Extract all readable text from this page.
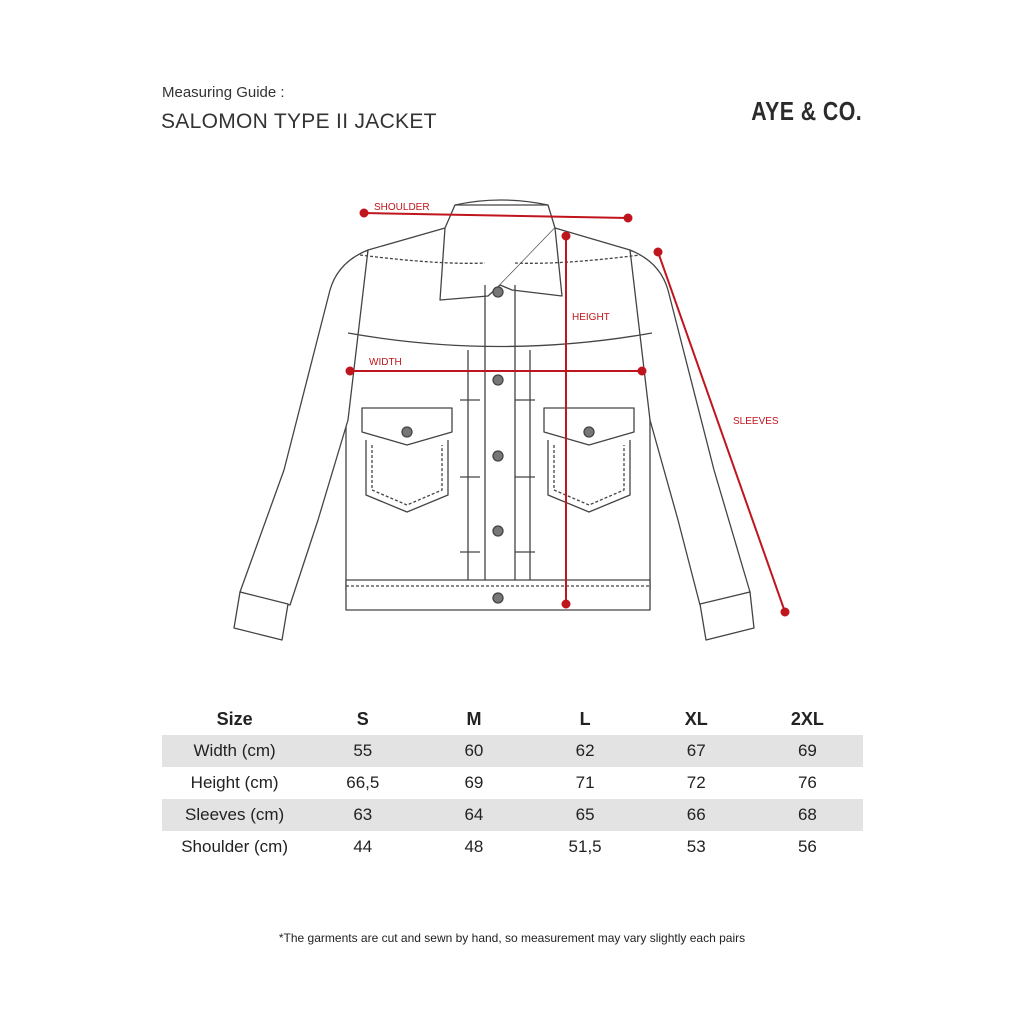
Measuring Guide :
SALOMON TYPE II JACKET	AYE & CO.
SHOULDER
HEIGHT
WIDTH
SLEEVES
Size	S	M	L	XL	2XL
Width (cm)	55	60	62	67	69
Height (cm)	66,5	69	71	72	76
Sleeves (cm)	63	64	65	66	68
Shoulder (cm)	44	48	51,5	53	56
*The garments are cut and sewn by hand, so measurement may vary slightly each pairs
